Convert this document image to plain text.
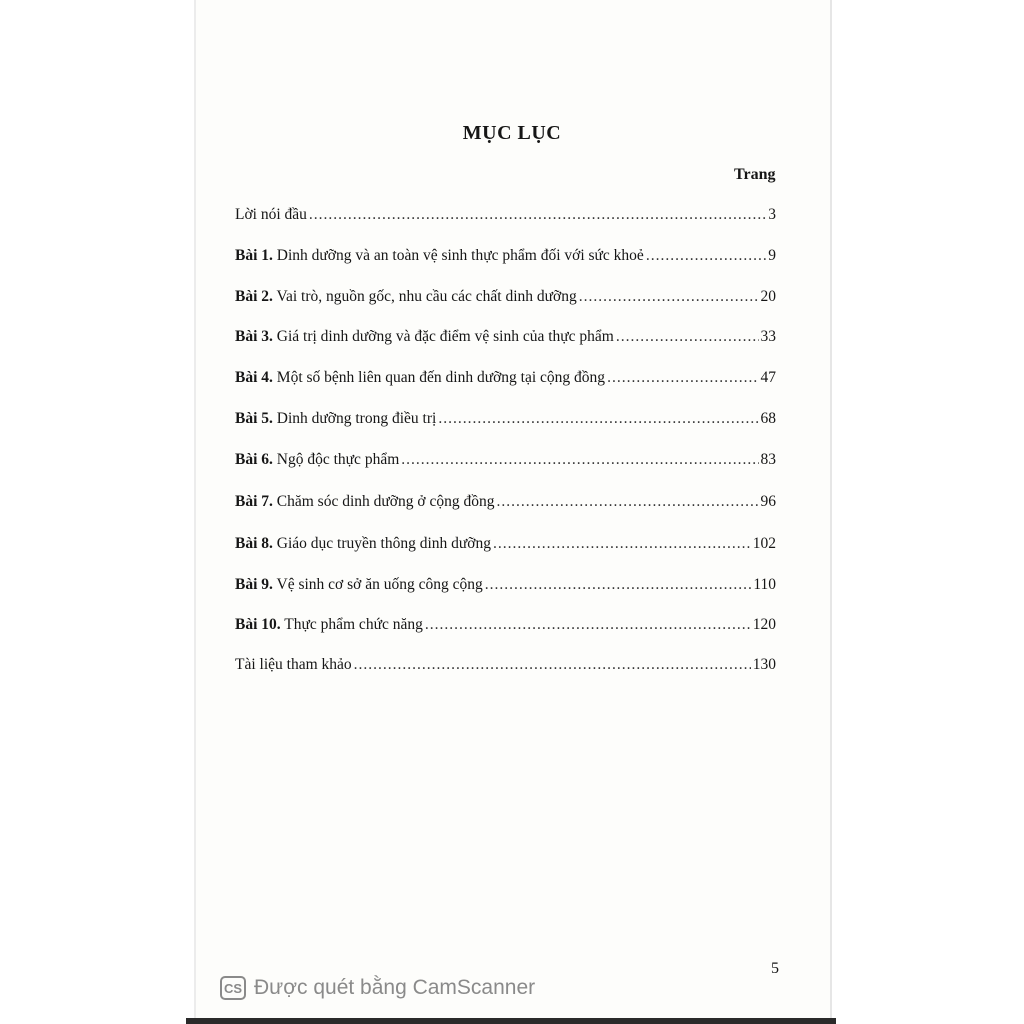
MỤC LỤC
Trang
Lời nói đầu .....	3
Bài 1. Dinh dưỡng và an toàn vệ sinh thực phẩm đối với sức khoẻ .....	9
Bài 2. Vai trò, nguồn gốc, nhu cầu các chất dinh dưỡng .....	20
Bài 3. Giá trị dinh dưỡng và đặc điểm vệ sinh của thực phẩm .....	33
Bài 4. Một số bệnh liên quan đến dinh dưỡng tại cộng đồng .....	47
Bài 5. Dinh dưỡng trong điều trị .....	68
Bài 6. Ngộ độc thực phẩm .....	83
Bài 7. Chăm sóc dinh dưỡng ở cộng đồng .....	96
Bài 8. Giáo dục truyền thông dinh dưỡng .....	102
Bài 9. Vệ sinh cơ sở ăn uống công cộng .....	110
Bài 10. Thực phẩm chức năng .....	120
Tài liệu tham khảo .....	130
5
CS Được quét bằng CamScanner
